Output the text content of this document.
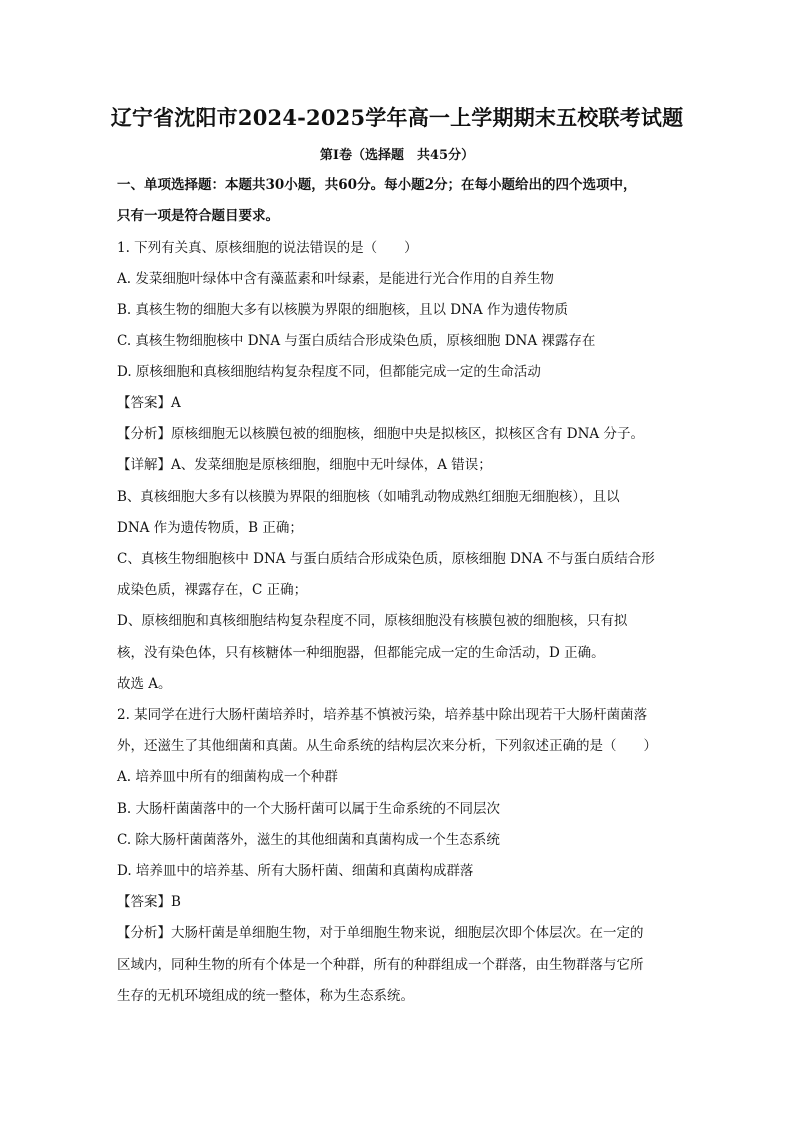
辽宁省沈阳市2024-2025学年高一上学期期末五校联考试题
第Ⅰ卷（选择题　共45分）
一、单项选择题：本题共30小题，共60分。每小题2分；在每小题给出的四个选项中，
只有一项是符合题目要求。
1. 下列有关真、原核细胞的说法错误的是（　　）
A. 发菜细胞叶绿体中含有藻蓝素和叶绿素，是能进行光合作用的自养生物
B. 真核生物的细胞大多有以核膜为界限的细胞核，且以 DNA 作为遗传物质
C. 真核生物细胞核中 DNA 与蛋白质结合形成染色质，原核细胞 DNA 裸露存在
D. 原核细胞和真核细胞结构复杂程度不同，但都能完成一定的生命活动
【答案】A
【分析】原核细胞无以核膜包被的细胞核，细胞中央是拟核区，拟核区含有 DNA 分子。
【详解】A、发菜细胞是原核细胞，细胞中无叶绿体，A 错误；
B、真核细胞大多有以核膜为界限的细胞核（如哺乳动物成熟红细胞无细胞核），且以
DNA 作为遗传物质，B 正确；
C、真核生物细胞核中 DNA 与蛋白质结合形成染色质，原核细胞 DNA 不与蛋白质结合形
成染色质，裸露存在，C 正确；
D、原核细胞和真核细胞结构复杂程度不同，原核细胞没有核膜包被的细胞核，只有拟
核，没有染色体，只有核糖体一种细胞器，但都能完成一定的生命活动，D 正确。
故选 A。
2. 某同学在进行大肠杆菌培养时，培养基不慎被污染，培养基中除出现若干大肠杆菌菌落
外，还滋生了其他细菌和真菌。从生命系统的结构层次来分析，下列叙述正确的是（　　）
A. 培养皿中所有的细菌构成一个种群
B. 大肠杆菌菌落中的一个大肠杆菌可以属于生命系统的不同层次
C. 除大肠杆菌菌落外，滋生的其他细菌和真菌构成一个生态系统
D. 培养皿中的培养基、所有大肠杆菌、细菌和真菌构成群落
【答案】B
【分析】大肠杆菌是单细胞生物，对于单细胞生物来说，细胞层次即个体层次。在一定的
区域内，同种生物的所有个体是一个种群，所有的种群组成一个群落，由生物群落与它所
生存的无机环境组成的统一整体，称为生态系统。
